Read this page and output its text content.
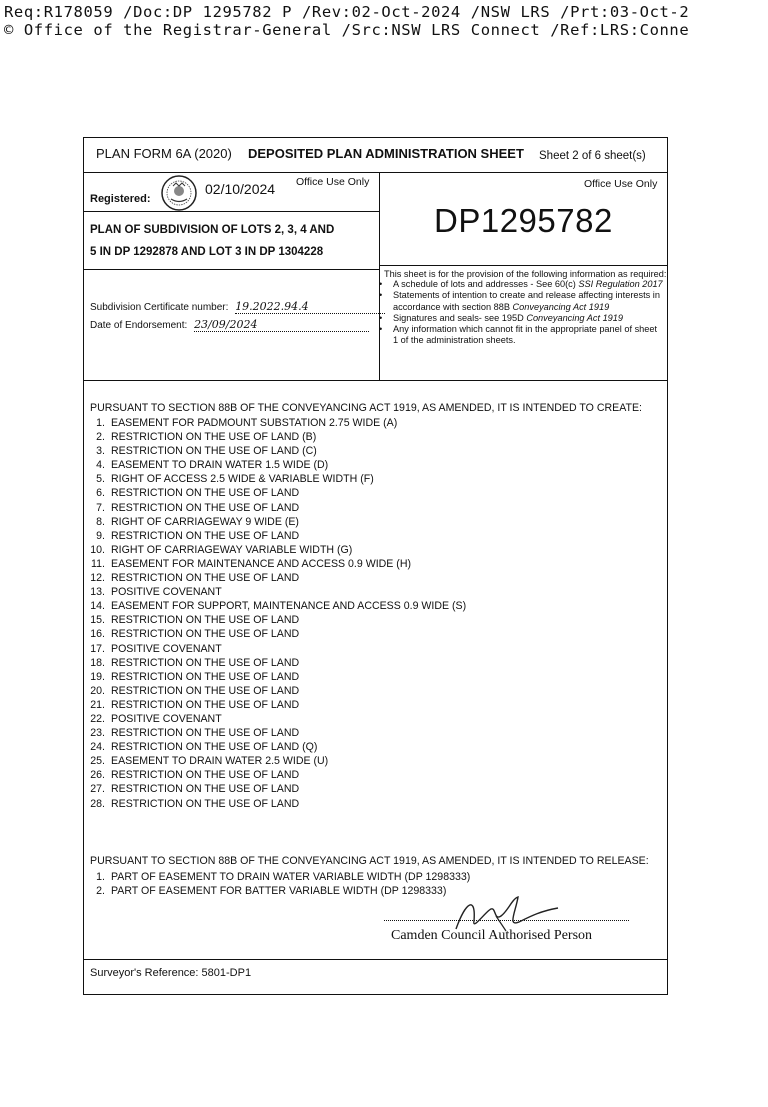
Req:R178059 /Doc:DP 1295782 P /Rev:02-Oct-2024 /NSW LRS /Prt:03-Oct-2
© Office of the Registrar-General /Src:NSW LRS Connect /Ref:LRS:Conne
PLAN FORM 6A (2020) DEPOSITED PLAN ADMINISTRATION SHEET Sheet 2 of 6 sheet(s)
Registered:
02/10/2024 Office Use Only	Office Use Only
DP1295782
PLAN OF SUBDIVISION OF LOTS 2, 3, 4 AND
5 IN DP 1292878 AND LOT 3 IN DP 1304228
Subdivision Certificate number: 19.2022.94.4
Date of Endorsement: 23/09/2024
This sheet is for the provision of the following information as required:
•	A schedule of lots and addresses - See 60(c) SSI Regulation 2017
•	Statements of intention to create and release affecting interests in accordance with section 88B Conveyancing Act 1919
•	Signatures and seals- see 195D Conveyancing Act 1919
•	Any information which cannot fit in the appropriate panel of sheet 1 of the administration sheets.
PURSUANT TO SECTION 88B OF THE CONVEYANCING ACT 1919, AS AMENDED, IT IS INTENDED TO CREATE:
1. EASEMENT FOR PADMOUNT SUBSTATION 2.75 WIDE (A)
2. RESTRICTION ON THE USE OF LAND (B)
3. RESTRICTION ON THE USE OF LAND (C)
4. EASEMENT TO DRAIN WATER 1.5 WIDE (D)
5. RIGHT OF ACCESS 2.5 WIDE & VARIABLE WIDTH (F)
6. RESTRICTION ON THE USE OF LAND
7. RESTRICTION ON THE USE OF LAND
8. RIGHT OF CARRIAGEWAY 9 WIDE (E)
9. RESTRICTION ON THE USE OF LAND
10. RIGHT OF CARRIAGEWAY VARIABLE WIDTH (G)
11. EASEMENT FOR MAINTENANCE AND ACCESS 0.9 WIDE (H)
12. RESTRICTION ON THE USE OF LAND
13. POSITIVE COVENANT
14. EASEMENT FOR SUPPORT, MAINTENANCE AND ACCESS 0.9 WIDE (S)
15. RESTRICTION ON THE USE OF LAND
16. RESTRICTION ON THE USE OF LAND
17. POSITIVE COVENANT
18. RESTRICTION ON THE USE OF LAND
19. RESTRICTION ON THE USE OF LAND
20. RESTRICTION ON THE USE OF LAND
21. RESTRICTION ON THE USE OF LAND
22. POSITIVE COVENANT
23. RESTRICTION ON THE USE OF LAND
24. RESTRICTION ON THE USE OF LAND (Q)
25. EASEMENT TO DRAIN WATER 2.5 WIDE (U)
26. RESTRICTION ON THE USE OF LAND
27. RESTRICTION ON THE USE OF LAND
28. RESTRICTION ON THE USE OF LAND
PURSUANT TO SECTION 88B OF THE CONVEYANCING ACT 1919, AS AMENDED, IT IS INTENDED TO RELEASE:
1. PART OF EASEMENT TO DRAIN WATER VARIABLE WIDTH (DP 1298333)
2. PART OF EASEMENT FOR BATTER VARIABLE WIDTH (DP 1298333)
Camden Council Authorised Person
Surveyor's Reference: 5801-DP1
